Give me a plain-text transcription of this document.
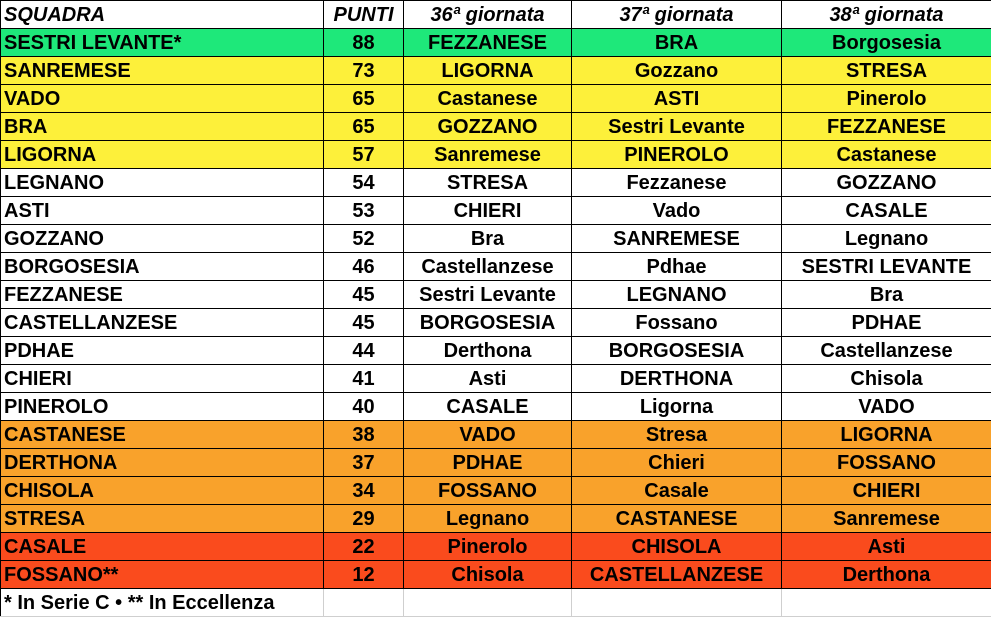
SQUADRA	PUNTI	36ª giornata	37ª giornata	38ª giornata
SESTRI LEVANTE*	88	FEZZANESE	BRA	Borgosesia
SANREMESE	73	LIGORNA	Gozzano	STRESA
VADO	65	Castanese	ASTI	Pinerolo
BRA	65	GOZZANO	Sestri Levante	FEZZANESE
LIGORNA	57	Sanremese	PINEROLO	Castanese
LEGNANO	54	STRESA	Fezzanese	GOZZANO
ASTI	53	CHIERI	Vado	CASALE
GOZZANO	52	Bra	SANREMESE	Legnano
BORGOSESIA	46	Castellanzese	Pdhae	SESTRI LEVANTE
FEZZANESE	45	Sestri Levante	LEGNANO	Bra
CASTELLANZESE	45	BORGOSESIA	Fossano	PDHAE
PDHAE	44	Derthona	BORGOSESIA	Castellanzese
CHIERI	41	Asti	DERTHONA	Chisola
PINEROLO	40	CASALE	Ligorna	VADO
CASTANESE	38	VADO	Stresa	LIGORNA
DERTHONA	37	PDHAE	Chieri	FOSSANO
CHISOLA	34	FOSSANO	Casale	CHIERI
STRESA	29	Legnano	CASTANESE	Sanremese
CASALE	22	Pinerolo	CHISOLA	Asti
FOSSANO**	12	Chisola	CASTELLANZESE	Derthona
* In Serie C • ** In Eccellenza				
